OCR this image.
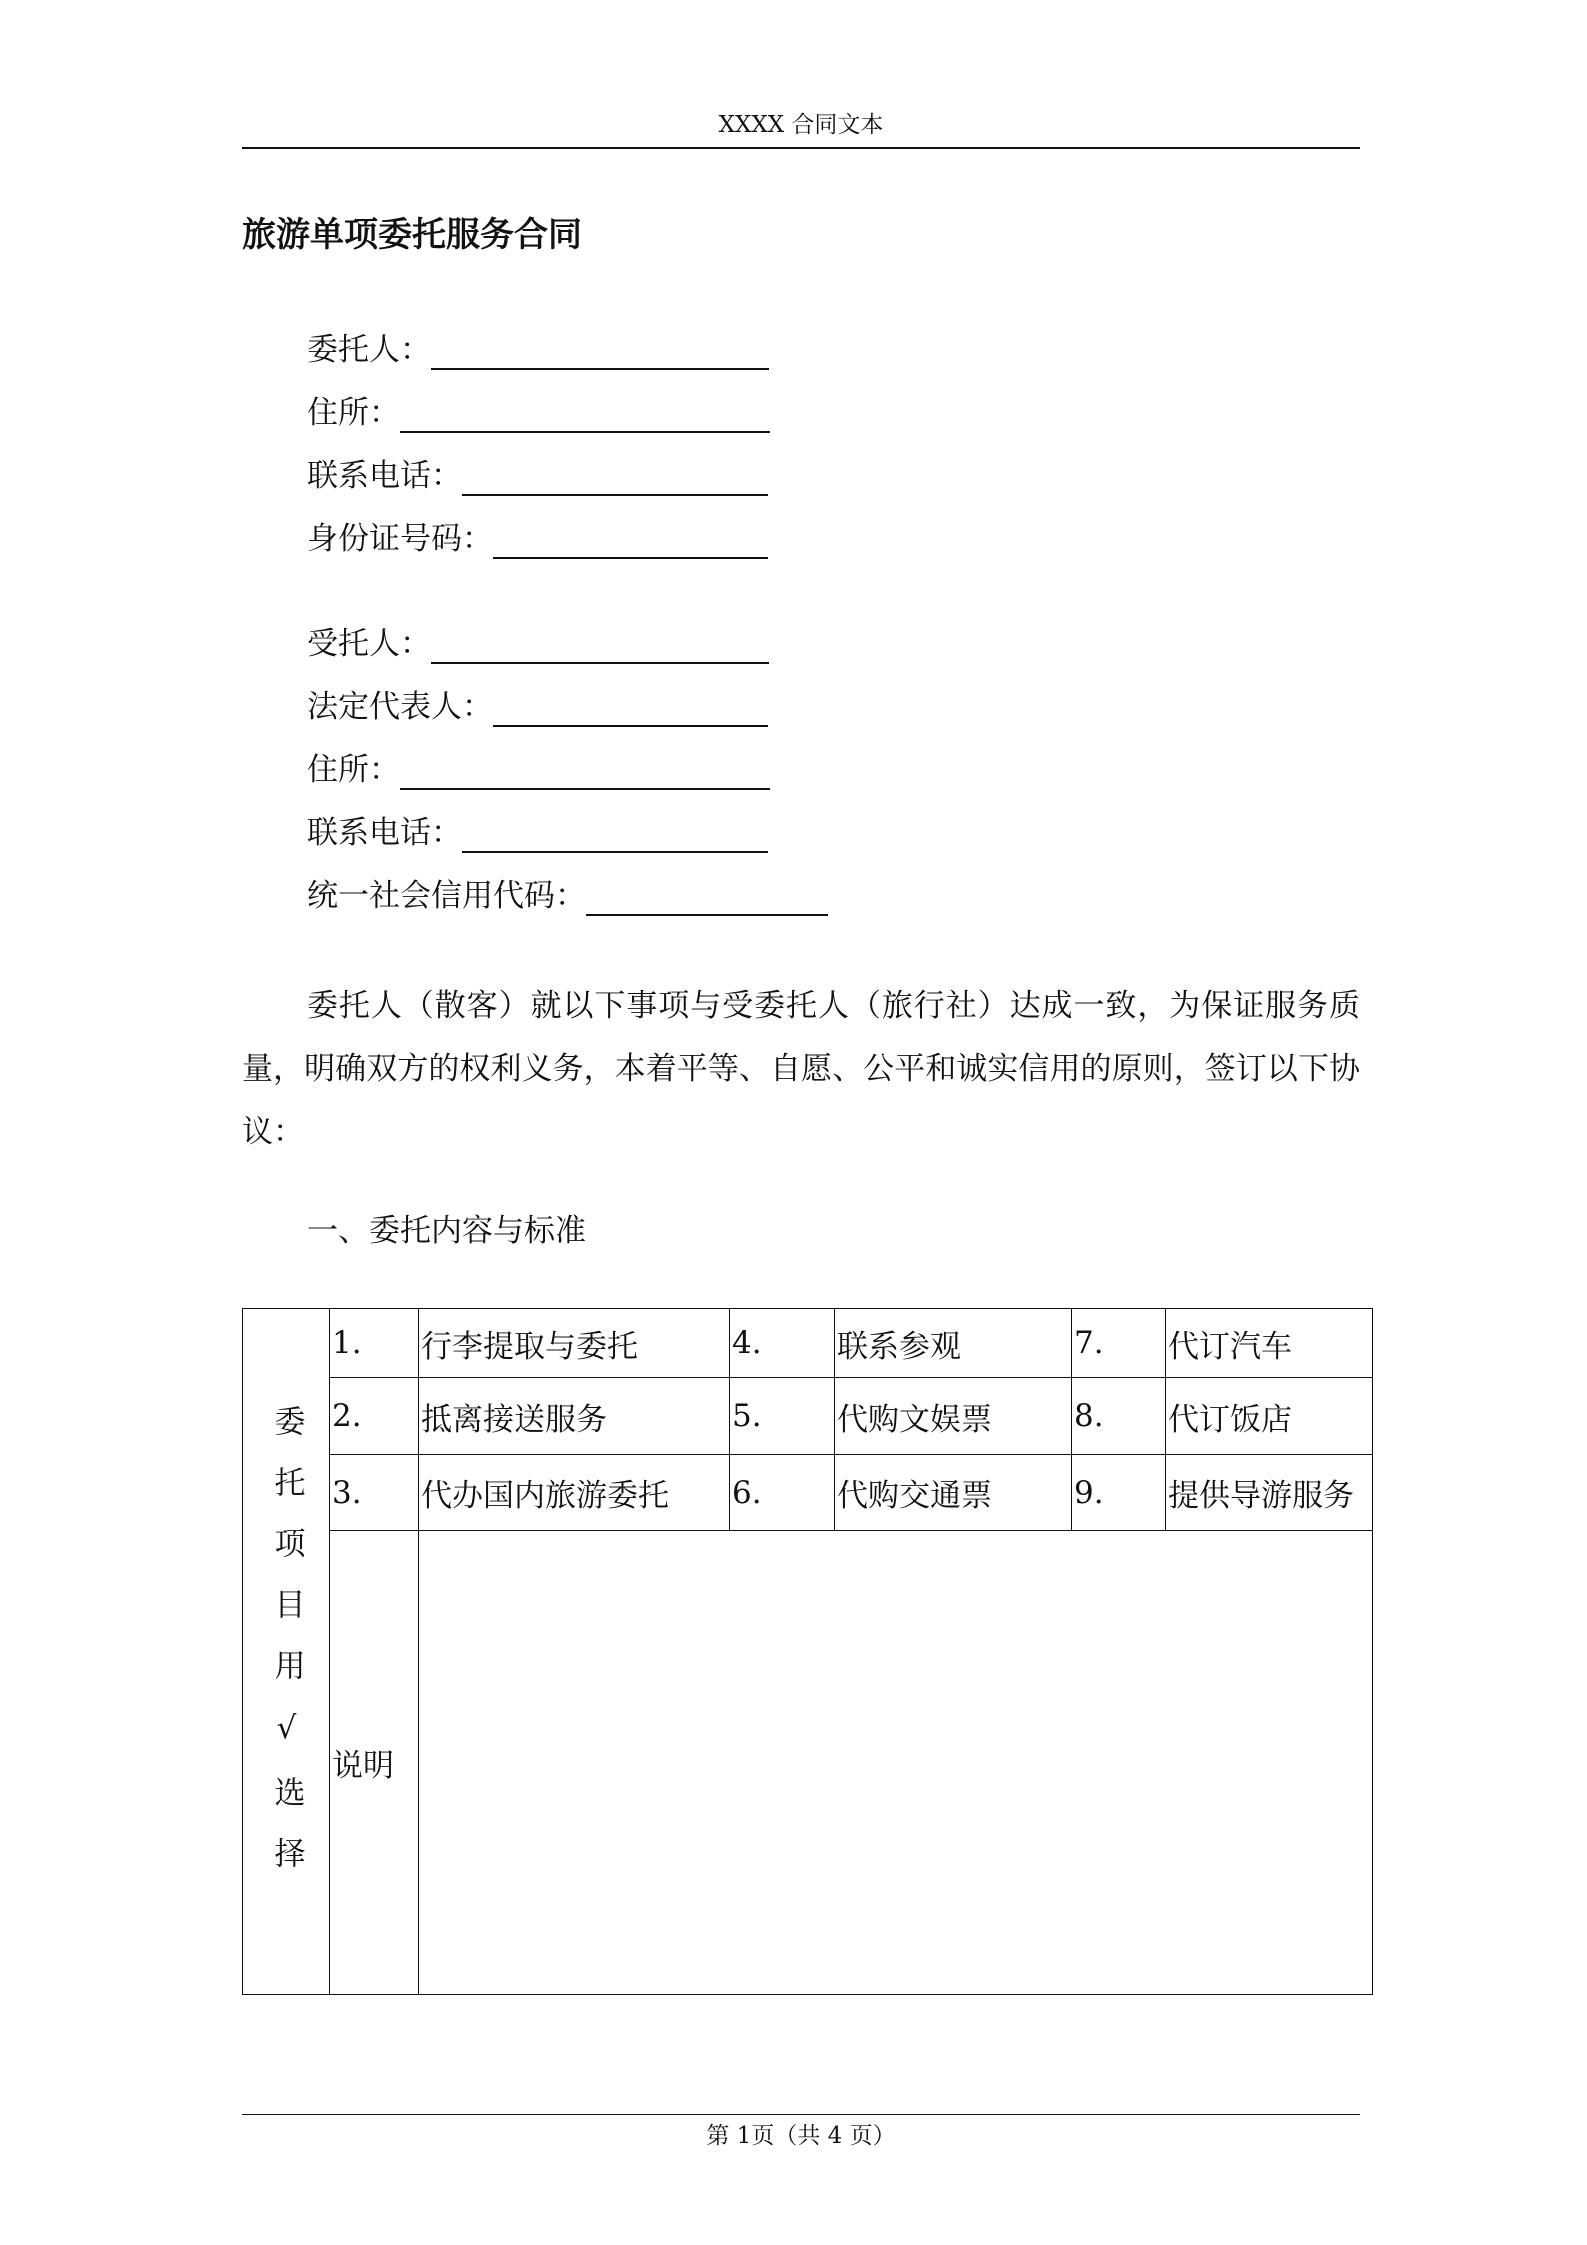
XXXX 合同文本
旅游单项委托服务合同
委托人：
住所：
联系电话：
身份证号码：
受托人：
法定代表人：
住所：
联系电话：
统一社会信用代码：
委托人（散客）就以下事项与受委托人（旅行社）达成一致，为保证服务质量，明确双方的权利义务，本着平等、自愿、公平和诚实信用的原则，签订以下协议：
一、委托内容与标准
委托项目用√选择	1.	行李提取与委托	4.	联系参观	7.	代订汽车
	2.	抵离接送服务	5.	代购文娱票	8.	代订饭店
	3.	代办国内旅游委托	6.	代购交通票	9.	提供导游服务
	说明					
第 1页（共 4 页）
